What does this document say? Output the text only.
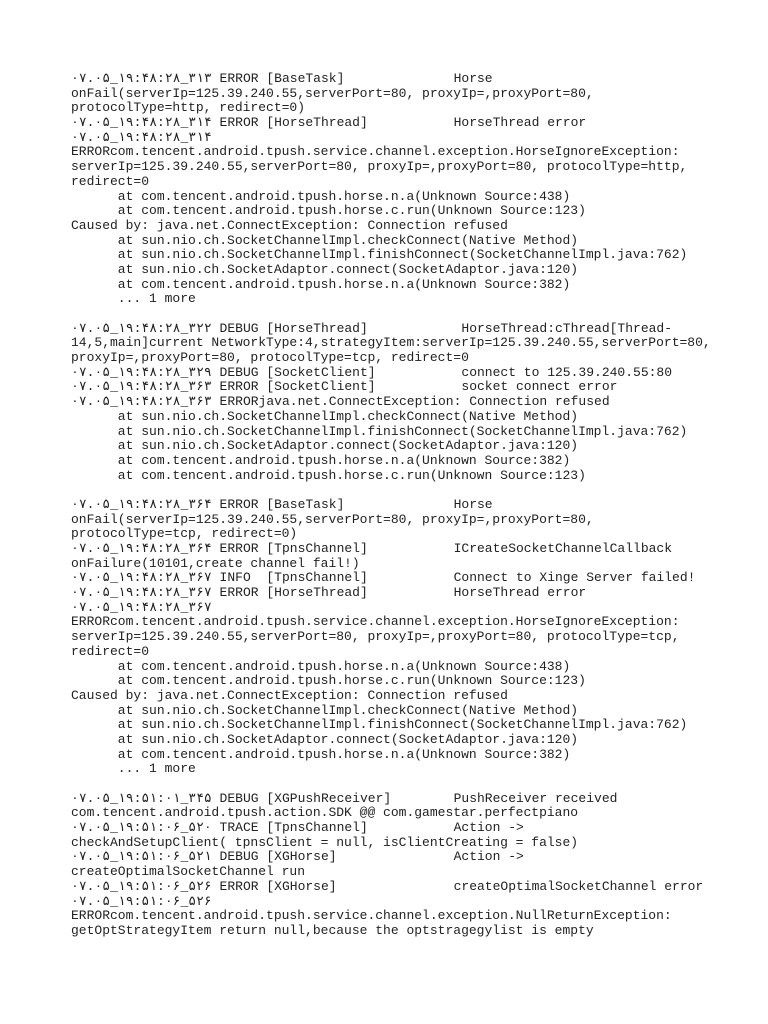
۰۷.۰۵_۱۹:۴۸:۲۸_۳۱۳ ERROR [BaseTask]              Horse
onFail(serverIp=125.39.240.55,serverPort=80, proxyIp=,proxyPort=80,
protocolType=http, redirect=0)
۰۷.۰۵_۱۹:۴۸:۲۸_۳۱۴ ERROR [HorseThread]           HorseThread error
۰۷.۰۵_۱۹:۴۸:۲۸_۳۱۴
ERRORcom.tencent.android.tpush.service.channel.exception.HorseIgnoreException:
serverIp=125.39.240.55,serverPort=80, proxyIp=,proxyPort=80, protocolType=http,
redirect=0
at com.tencent.android.tpush.horse.n.a(Unknown Source:438)
at com.tencent.android.tpush.horse.c.run(Unknown Source:123)
Caused by: java.net.ConnectException: Connection refused
at sun.nio.ch.SocketChannelImpl.checkConnect(Native Method)
at sun.nio.ch.SocketChannelImpl.finishConnect(SocketChannelImpl.java:762)
at sun.nio.ch.SocketAdaptor.connect(SocketAdaptor.java:120)
at com.tencent.android.tpush.horse.n.a(Unknown Source:382)
... 1 more
۰۷.۰۵_۱۹:۴۸:۲۸_۳۲۲ DEBUG [HorseThread]            HorseThread:cThread[Thread-
14,5,main]current NetworkType:4,strategyItem:serverIp=125.39.240.55,serverPort=80,
proxyIp=,proxyPort=80, protocolType=tcp, redirect=0
۰۷.۰۵_۱۹:۴۸:۲۸_۳۲۹ DEBUG [SocketClient]           connect to 125.39.240.55:80
۰۷.۰۵_۱۹:۴۸:۲۸_۳۶۳ ERROR [SocketClient]           socket connect error
۰۷.۰۵_۱۹:۴۸:۲۸_۳۶۳ ERRORjava.net.ConnectException: Connection refused
at sun.nio.ch.SocketChannelImpl.checkConnect(Native Method)
at sun.nio.ch.SocketChannelImpl.finishConnect(SocketChannelImpl.java:762)
at sun.nio.ch.SocketAdaptor.connect(SocketAdaptor.java:120)
at com.tencent.android.tpush.horse.n.a(Unknown Source:382)
at com.tencent.android.tpush.horse.c.run(Unknown Source:123)
۰۷.۰۵_۱۹:۴۸:۲۸_۳۶۴ ERROR [BaseTask]              Horse
onFail(serverIp=125.39.240.55,serverPort=80, proxyIp=,proxyPort=80,
protocolType=tcp, redirect=0)
۰۷.۰۵_۱۹:۴۸:۲۸_۳۶۴ ERROR [TpnsChannel]           ICreateSocketChannelCallback
onFailure(10101,create channel fail!)
۰۷.۰۵_۱۹:۴۸:۲۸_۳۶۷ INFO  [TpnsChannel]           Connect to Xinge Server failed!
۰۷.۰۵_۱۹:۴۸:۲۸_۳۶۷ ERROR [HorseThread]           HorseThread error
۰۷.۰۵_۱۹:۴۸:۲۸_۳۶۷
ERRORcom.tencent.android.tpush.service.channel.exception.HorseIgnoreException:
serverIp=125.39.240.55,serverPort=80, proxyIp=,proxyPort=80, protocolType=tcp,
redirect=0
at com.tencent.android.tpush.horse.n.a(Unknown Source:438)
at com.tencent.android.tpush.horse.c.run(Unknown Source:123)
Caused by: java.net.ConnectException: Connection refused
at sun.nio.ch.SocketChannelImpl.checkConnect(Native Method)
at sun.nio.ch.SocketChannelImpl.finishConnect(SocketChannelImpl.java:762)
at sun.nio.ch.SocketAdaptor.connect(SocketAdaptor.java:120)
at com.tencent.android.tpush.horse.n.a(Unknown Source:382)
... 1 more
۰۷.۰۵_۱۹:۵۱:۰۱_۳۴۵ DEBUG [XGPushReceiver]        PushReceiver received
com.tencent.android.tpush.action.SDK @@ com.gamestar.perfectpiano
۰۷.۰۵_۱۹:۵۱:۰۶_۵۲۰ TRACE [TpnsChannel]           Action ->
checkAndSetupClient( tpnsClient = null, isClientCreating = false)
۰۷.۰۵_۱۹:۵۱:۰۶_۵۲۱ DEBUG [XGHorse]               Action ->
createOptimalSocketChannel run
۰۷.۰۵_۱۹:۵۱:۰۶_۵۲۶ ERROR [XGHorse]               createOptimalSocketChannel error
۰۷.۰۵_۱۹:۵۱:۰۶_۵۲۶
ERRORcom.tencent.android.tpush.service.channel.exception.NullReturnException:
getOptStrategyItem return null,because the optstragegylist is empty
